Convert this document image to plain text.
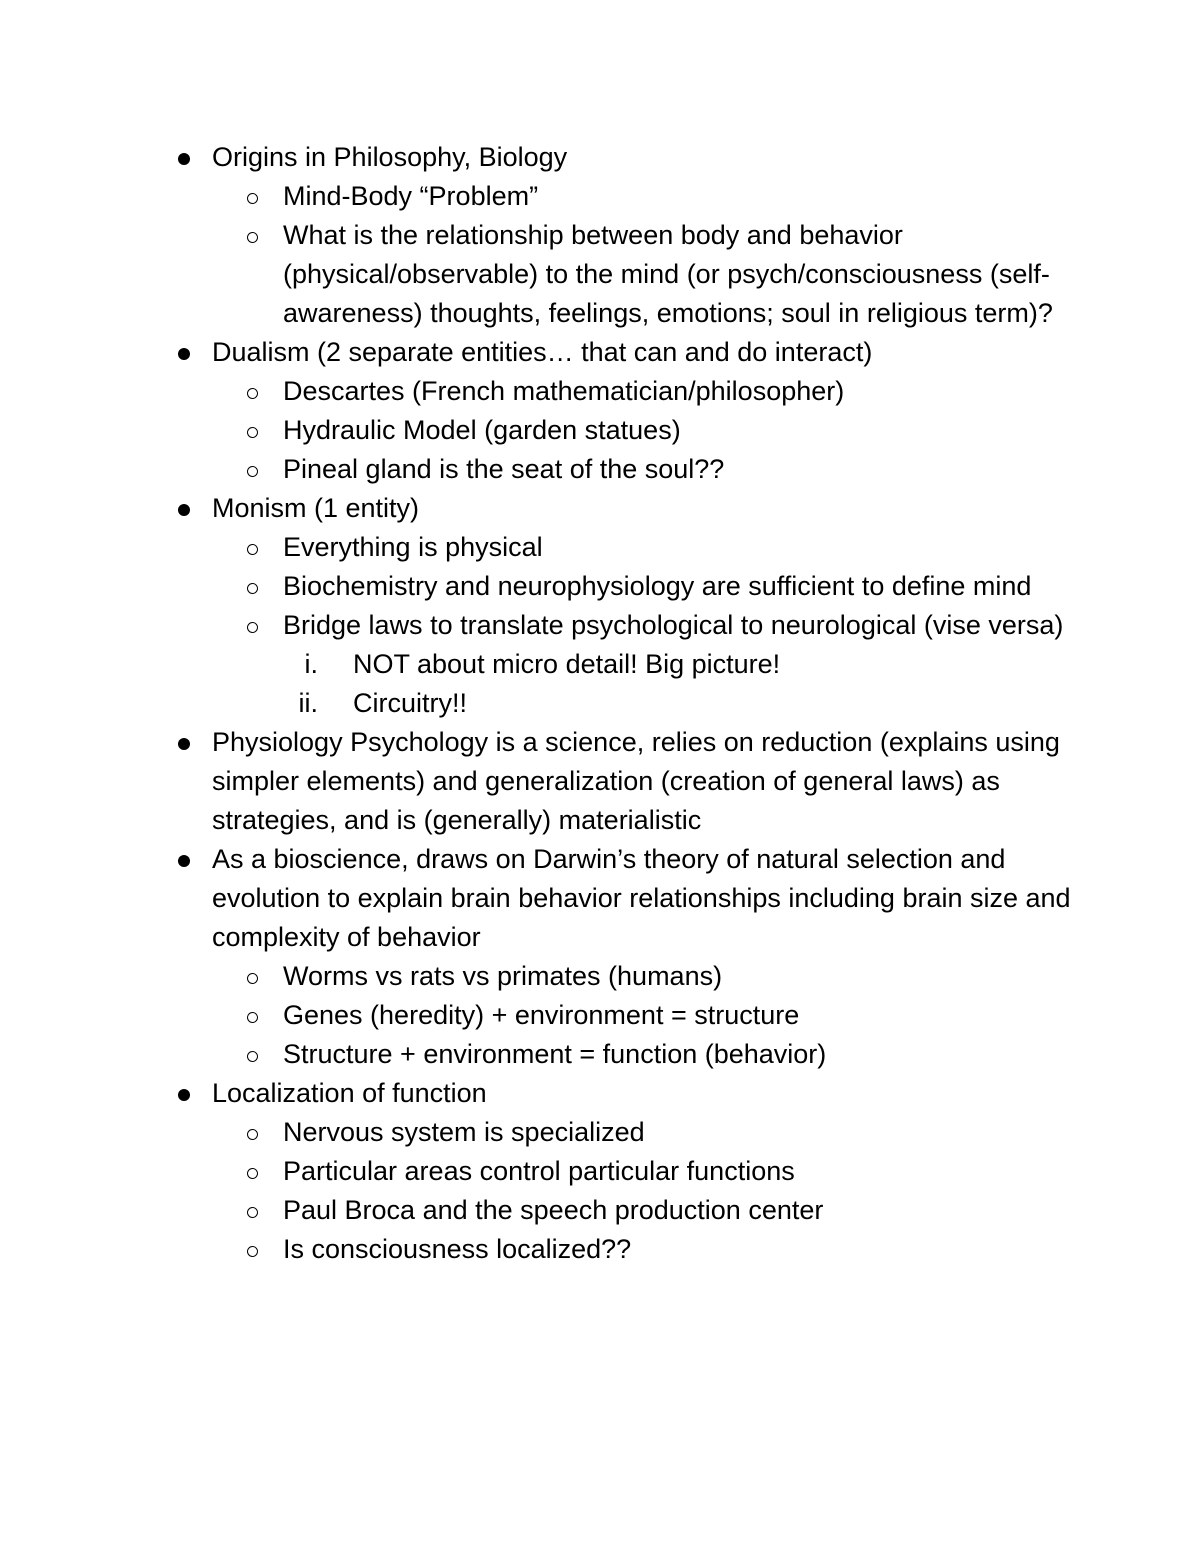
Origins in Philosophy, Biology
Mind-Body “Problem”
What is the relationship between body and behavior (physical/observable) to the mind (or psych/consciousness (self-awareness) thoughts, feelings, emotions; soul in religious term)?
Dualism (2 separate entities… that can and do interact)
Descartes (French mathematician/philosopher)
Hydraulic Model (garden statues)
Pineal gland is the seat of the soul??
Monism (1 entity)
Everything is physical
Biochemistry and neurophysiology are sufficient to define mind
Bridge laws to translate psychological to neurological (vise versa)
i. NOT about micro detail! Big picture!
ii. Circuitry!!
Physiology Psychology is a science, relies on reduction (explains using simpler elements) and generalization (creation of general laws) as strategies, and is (generally) materialistic
As a bioscience, draws on Darwin’s theory of natural selection and evolution to explain brain behavior relationships including brain size and complexity of behavior
Worms vs rats vs primates (humans)
Genes (heredity) + environment = structure
Structure + environment = function (behavior)
Localization of function
Nervous system is specialized
Particular areas control particular functions
Paul Broca and the speech production center
Is consciousness localized??
